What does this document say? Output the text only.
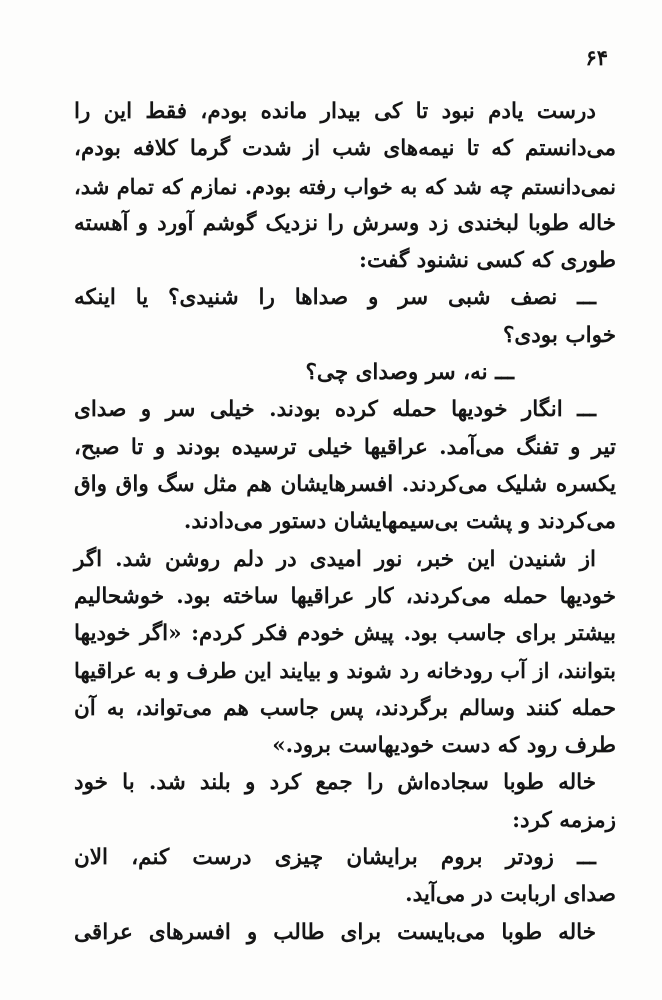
۶۴
درست یادم نبود تا کی بیدار مانده بودم، فقط این را
می‌دانستم که تا نیمه‌های شب از شدت گرما کلافه بودم،
نمی‌دانستم چه شد که به خواب رفته بودم. نمازم که تمام شد،
خاله طوبا لبخندی زد وسرش را نزدیک گوشم آورد و آهسته
طوری که کسی نشنود گفت:
ـــ نصف شبی سر و صداها را شنیدی؟ یا اینکه
خواب بودی؟
ـــ نه، سر وصدای چی؟
ـــ انگار خودیها حمله کرده بودند. خیلی سر و صدای
تیر و تفنگ می‌آمد. عراقیها خیلی ترسیده بودند و تا صبح،
یکسره شلیک می‌کردند. افسرهایشان هم مثل سگ واق واق
می‌کردند و پشت بی‌سیمهایشان دستور می‌دادند.
از شنیدن این خبر، نور امیدی در دلم روشن شد. اگر
خودیها حمله می‌کردند، کار عراقیها ساخته بود. خوشحالیم
بیشتر برای جاسب بود. پیش خودم فکر کردم: «اگر خودیها
بتوانند، از آب رودخانه رد شوند و بیایند این طرف و به عراقیها
حمله کنند وسالم برگردند، پس جاسب هم می‌تواند، به آن
طرف رود که دست خودیهاست برود.»
خاله طوبا سجاده‌اش را جمع کرد و بلند شد. با خود
زمزمه کرد:
ـــ زودتر بروم برایشان چیزی درست کنم، الان
صدای اربابت در می‌آید.
خاله طوبا می‌بایست برای طالب و افسرهای عراقی
